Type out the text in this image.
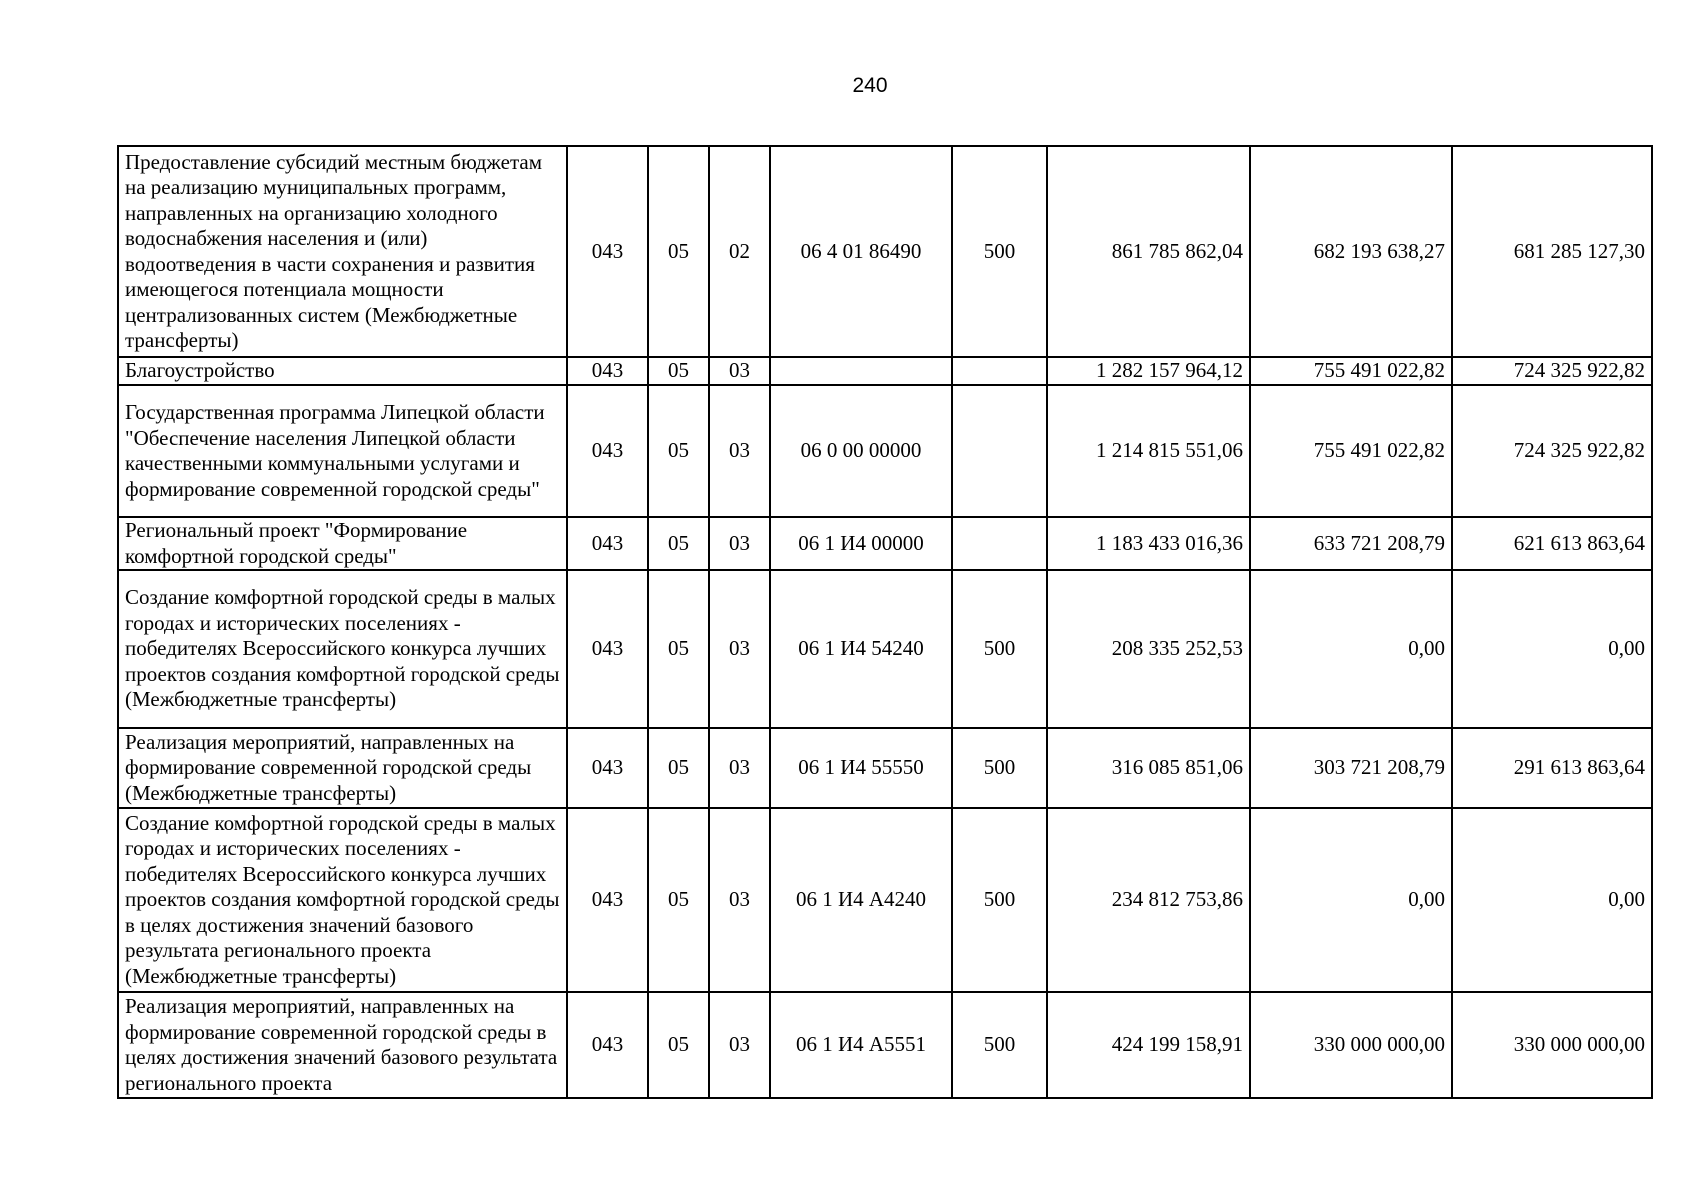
240
Предоставление субсидий местным бюджетам на реализацию муниципальных программ, направленных на организацию холодного водоснабжения населения и (или) водоотведения в части сохранения и развития имеющегося потенциала мощности централизованных систем (Межбюджетные трансферты)	043	05	02	06 4 01 86490	500	861 785 862,04	682 193 638,27	681 285 127,30
Благоустройство	043	05	03			1 282 157 964,12	755 491 022,82	724 325 922,82
Государственная программа Липецкой области "Обеспечение населения Липецкой области качественными коммунальными услугами и формирование современной городской среды"	043	05	03	06 0 00 00000		1 214 815 551,06	755 491 022,82	724 325 922,82
Региональный проект "Формирование комфортной городской среды"	043	05	03	06 1 И4 00000		1 183 433 016,36	633 721 208,79	621 613 863,64
Создание комфортной городской среды в малых городах и исторических поселениях - победителях Всероссийского конкурса лучших проектов создания комфортной городской среды (Межбюджетные трансферты)	043	05	03	06 1 И4 54240	500	208 335 252,53	0,00	0,00
Реализация мероприятий, направленных на формирование современной городской среды (Межбюджетные трансферты)	043	05	03	06 1 И4 55550	500	316 085 851,06	303 721 208,79	291 613 863,64
Создание комфортной городской среды в малых городах и исторических поселениях - победителях Всероссийского конкурса лучших проектов создания комфортной городской среды в целях достижения значений базового результата регионального проекта (Межбюджетные трансферты)	043	05	03	06 1 И4 А4240	500	234 812 753,86	0,00	0,00
Реализация мероприятий, направленных на формирование современной городской среды в целях достижения значений базового результата регионального проекта	043	05	03	06 1 И4 А5551	500	424 199 158,91	330 000 000,00	330 000 000,00
